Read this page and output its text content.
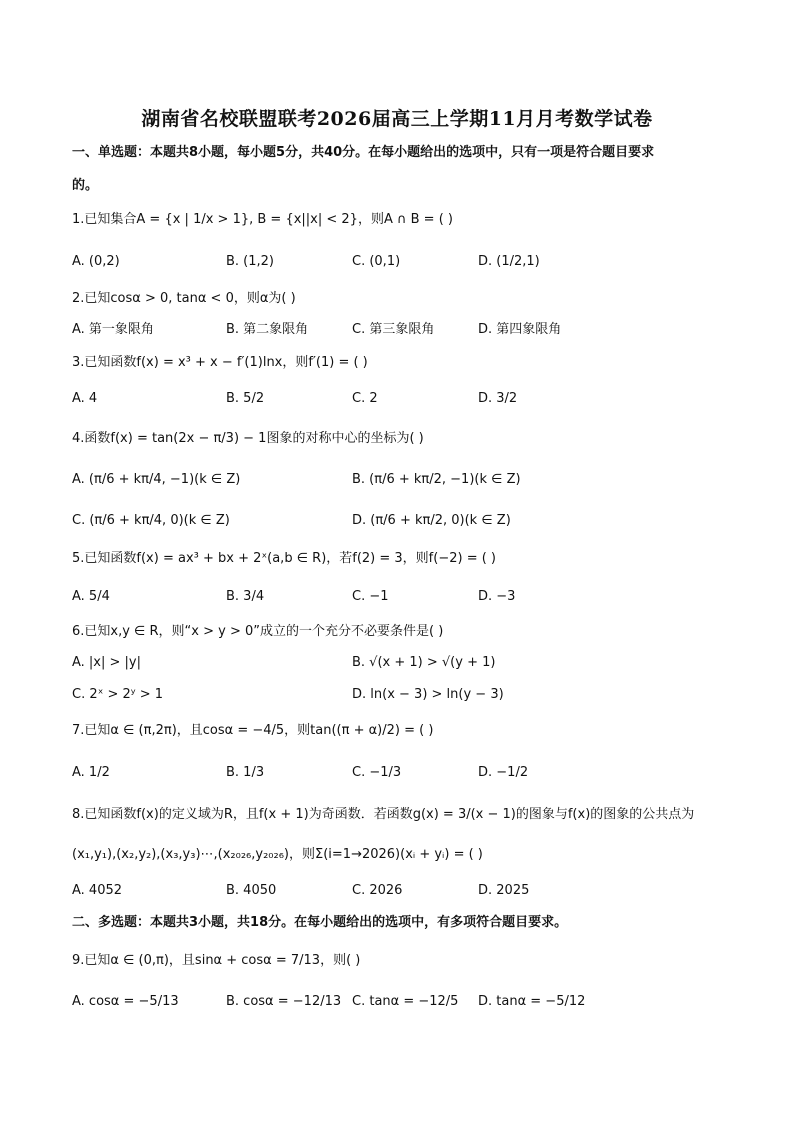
湖南省名校联盟联考2026届高三上学期11月月考数学试卷
一、单选题：本题共8小题，每小题5分，共40分。在每小题给出的选项中，只有一项是符合题目要求
的。
1.已知集合A = {x | 1/x > 1}, B = {x||x| < 2}，则A ∩ B = ( )
A. (0,2)	B. (1,2)	C. (0,1)	D. (1/2,1)
2.已知cosα > 0, tanα < 0，则α为( )
A. 第一象限角	B. 第二象限角	C. 第三象限角	D. 第四象限角
3.已知函数f(x) = x³ + x − f′(1)lnx，则f′(1) = ( )
A. 4	B. 5/2	C. 2	D. 3/2
4.函数f(x) = tan(2x − π/3) − 1图象的对称中心的坐标为( )
A. (π/6 + kπ/4, −1)(k ∈ Z)	B. (π/6 + kπ/2, −1)(k ∈ Z)
C. (π/6 + kπ/4, 0)(k ∈ Z)	D. (π/6 + kπ/2, 0)(k ∈ Z)
5.已知函数f(x) = ax³ + bx + 2ˣ(a,b ∈ R)，若f(2) = 3，则f(−2) = ( )
A. 5/4	B. 3/4	C. −1	D. −3
6.已知x,y ∈ R，则“x > y > 0”成立的一个充分不必要条件是( )
A. |x| > |y|	B. √(x + 1) > √(y + 1)
C. 2ˣ > 2ʸ > 1	D. ln(x − 3) > ln(y − 3)
7.已知α ∈ (π,2π)，且cosα = −4/5，则tan((π + α)/2) = ( )
A. 1/2	B. 1/3	C. −1/3	D. −1/2
8.已知函数f(x)的定义域为R，且f(x + 1)为奇函数．若函数g(x) = 3/(x − 1)的图象与f(x)的图象的公共点为
(x₁,y₁),(x₂,y₂),(x₃,y₃)⋯,(x₂₀₂₆,y₂₀₂₆)，则Σ(i=1→2026)(xᵢ + yᵢ) = ( )
A. 4052	B. 4050	C. 2026	D. 2025
二、多选题：本题共3小题，共18分。在每小题给出的选项中，有多项符合题目要求。
9.已知α ∈ (0,π)，且sinα + cosα = 7/13，则( )
A. cosα = −5/13	B. cosα = −12/13 C. tanα = −12/5 D. tanα = −5/12
